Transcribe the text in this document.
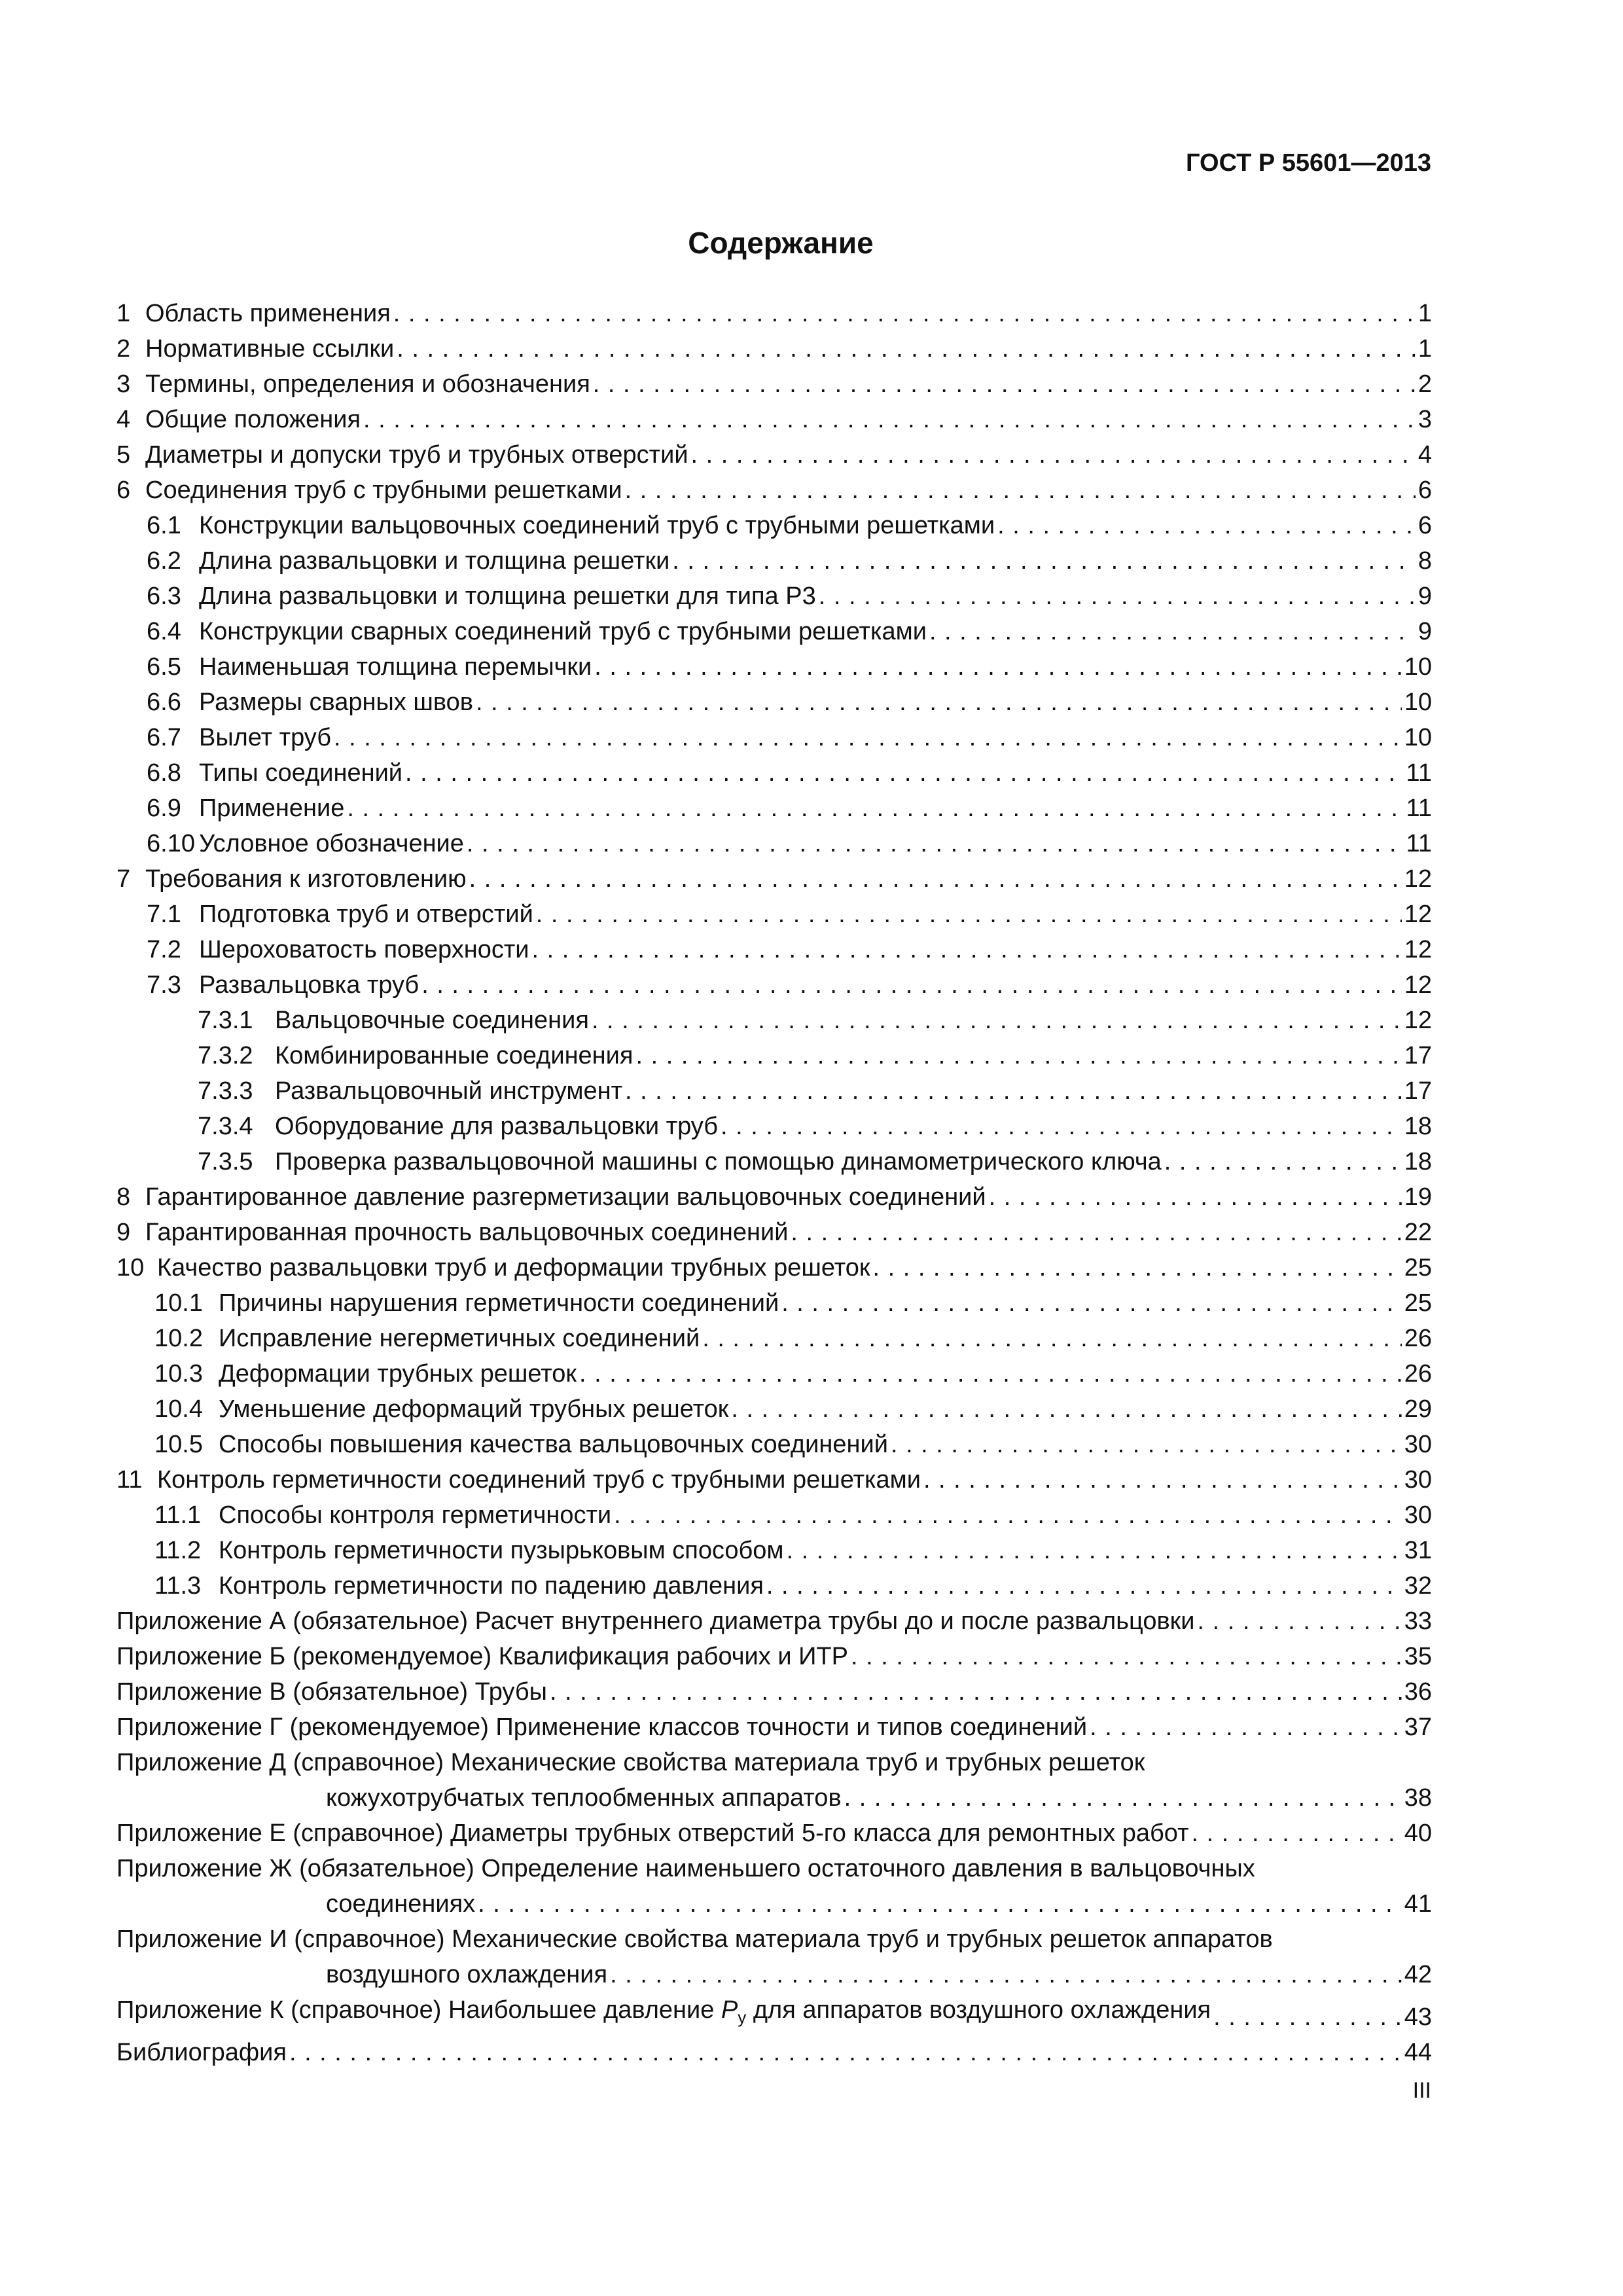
ГОСТ Р 55601—2013
Содержание
1 Область применения . . .	1
2 Нормативные ссылки . . .	1
3 Термины, определения и обозначения . . .	2
4 Общие положения . . .	3
5 Диаметры и допуски труб и трубных отверстий . . .	4
6 Соединения труб с трубными решетками . . .	6
6.1 Конструкции вальцовочных соединений труб с трубными решетками . . .	6
6.2 Длина развальцовки и толщина решетки . . .	8
6.3 Длина развальцовки и толщина решетки для типа Р3 . . .	9
6.4 Конструкции сварных соединений труб с трубными решетками . . .	9
6.5 Наименьшая толщина перемычки . . .	10
6.6 Размеры сварных швов . . .	10
6.7 Вылет труб . . .	10
6.8 Типы соединений . . .	11
6.9 Применение . . .	11
6.10 Условное обозначение . . .	11
7 Требования к изготовлению . . .	12
7.1 Подготовка труб и отверстий . . .	12
7.2 Шероховатость поверхности . . .	12
7.3 Развальцовка труб . . .	12
7.3.1 Вальцовочные соединения . . .	12
7.3.2 Комбинированные соединения . . .	17
7.3.3 Развальцовочный инструмент . . .	17
7.3.4 Оборудование для развальцовки труб . . .	18
7.3.5 Проверка развальцовочной машины с помощью динамометрического ключа . . .	18
8 Гарантированное давление разгерметизации вальцовочных соединений . . .	19
9 Гарантированная прочность вальцовочных соединений . . .	22
10 Качество развальцовки труб и деформации трубных решеток . . .	25
10.1 Причины нарушения герметичности соединений . . .	25
10.2 Исправление негерметичных соединений . . .	26
10.3 Деформации трубных решеток . . .	26
10.4 Уменьшение деформаций трубных решеток . . .	29
10.5 Способы повышения качества вальцовочных соединений . . .	30
11 Контроль герметичности соединений труб с трубными решетками . . .	30
11.1 Способы контроля герметичности . . .	30
11.2 Контроль герметичности пузырьковым способом . . .	31
11.3 Контроль герметичности по падению давления . . .	32
Приложение А (обязательное) Расчет внутреннего диаметра трубы до и после развальцовки . . .	33
Приложение Б (рекомендуемое) Квалификация рабочих и ИТР . . .	35
Приложение В (обязательное) Трубы . . .	36
Приложение Г (рекомендуемое) Применение классов точности и типов соединений . . .	37
Приложение Д (справочное) Механические свойства материала труб и трубных решеток
кожухотрубчатых теплообменных аппаратов . . .	38
Приложение Е (справочное) Диаметры трубных отверстий 5-го класса для ремонтных работ . . .	40
Приложение Ж (обязательное) Определение наименьшего остаточного давления в вальцовочных
соединениях . . .	41
Приложение И (справочное) Механические свойства материала труб и трубных решеток аппаратов
воздушного охлаждения . . .	42
Приложение К (справочное) Наибольшее давление $P_у$ для аппаратов воздушного охлаждения . . .	43
Библиография . . .	44
III
